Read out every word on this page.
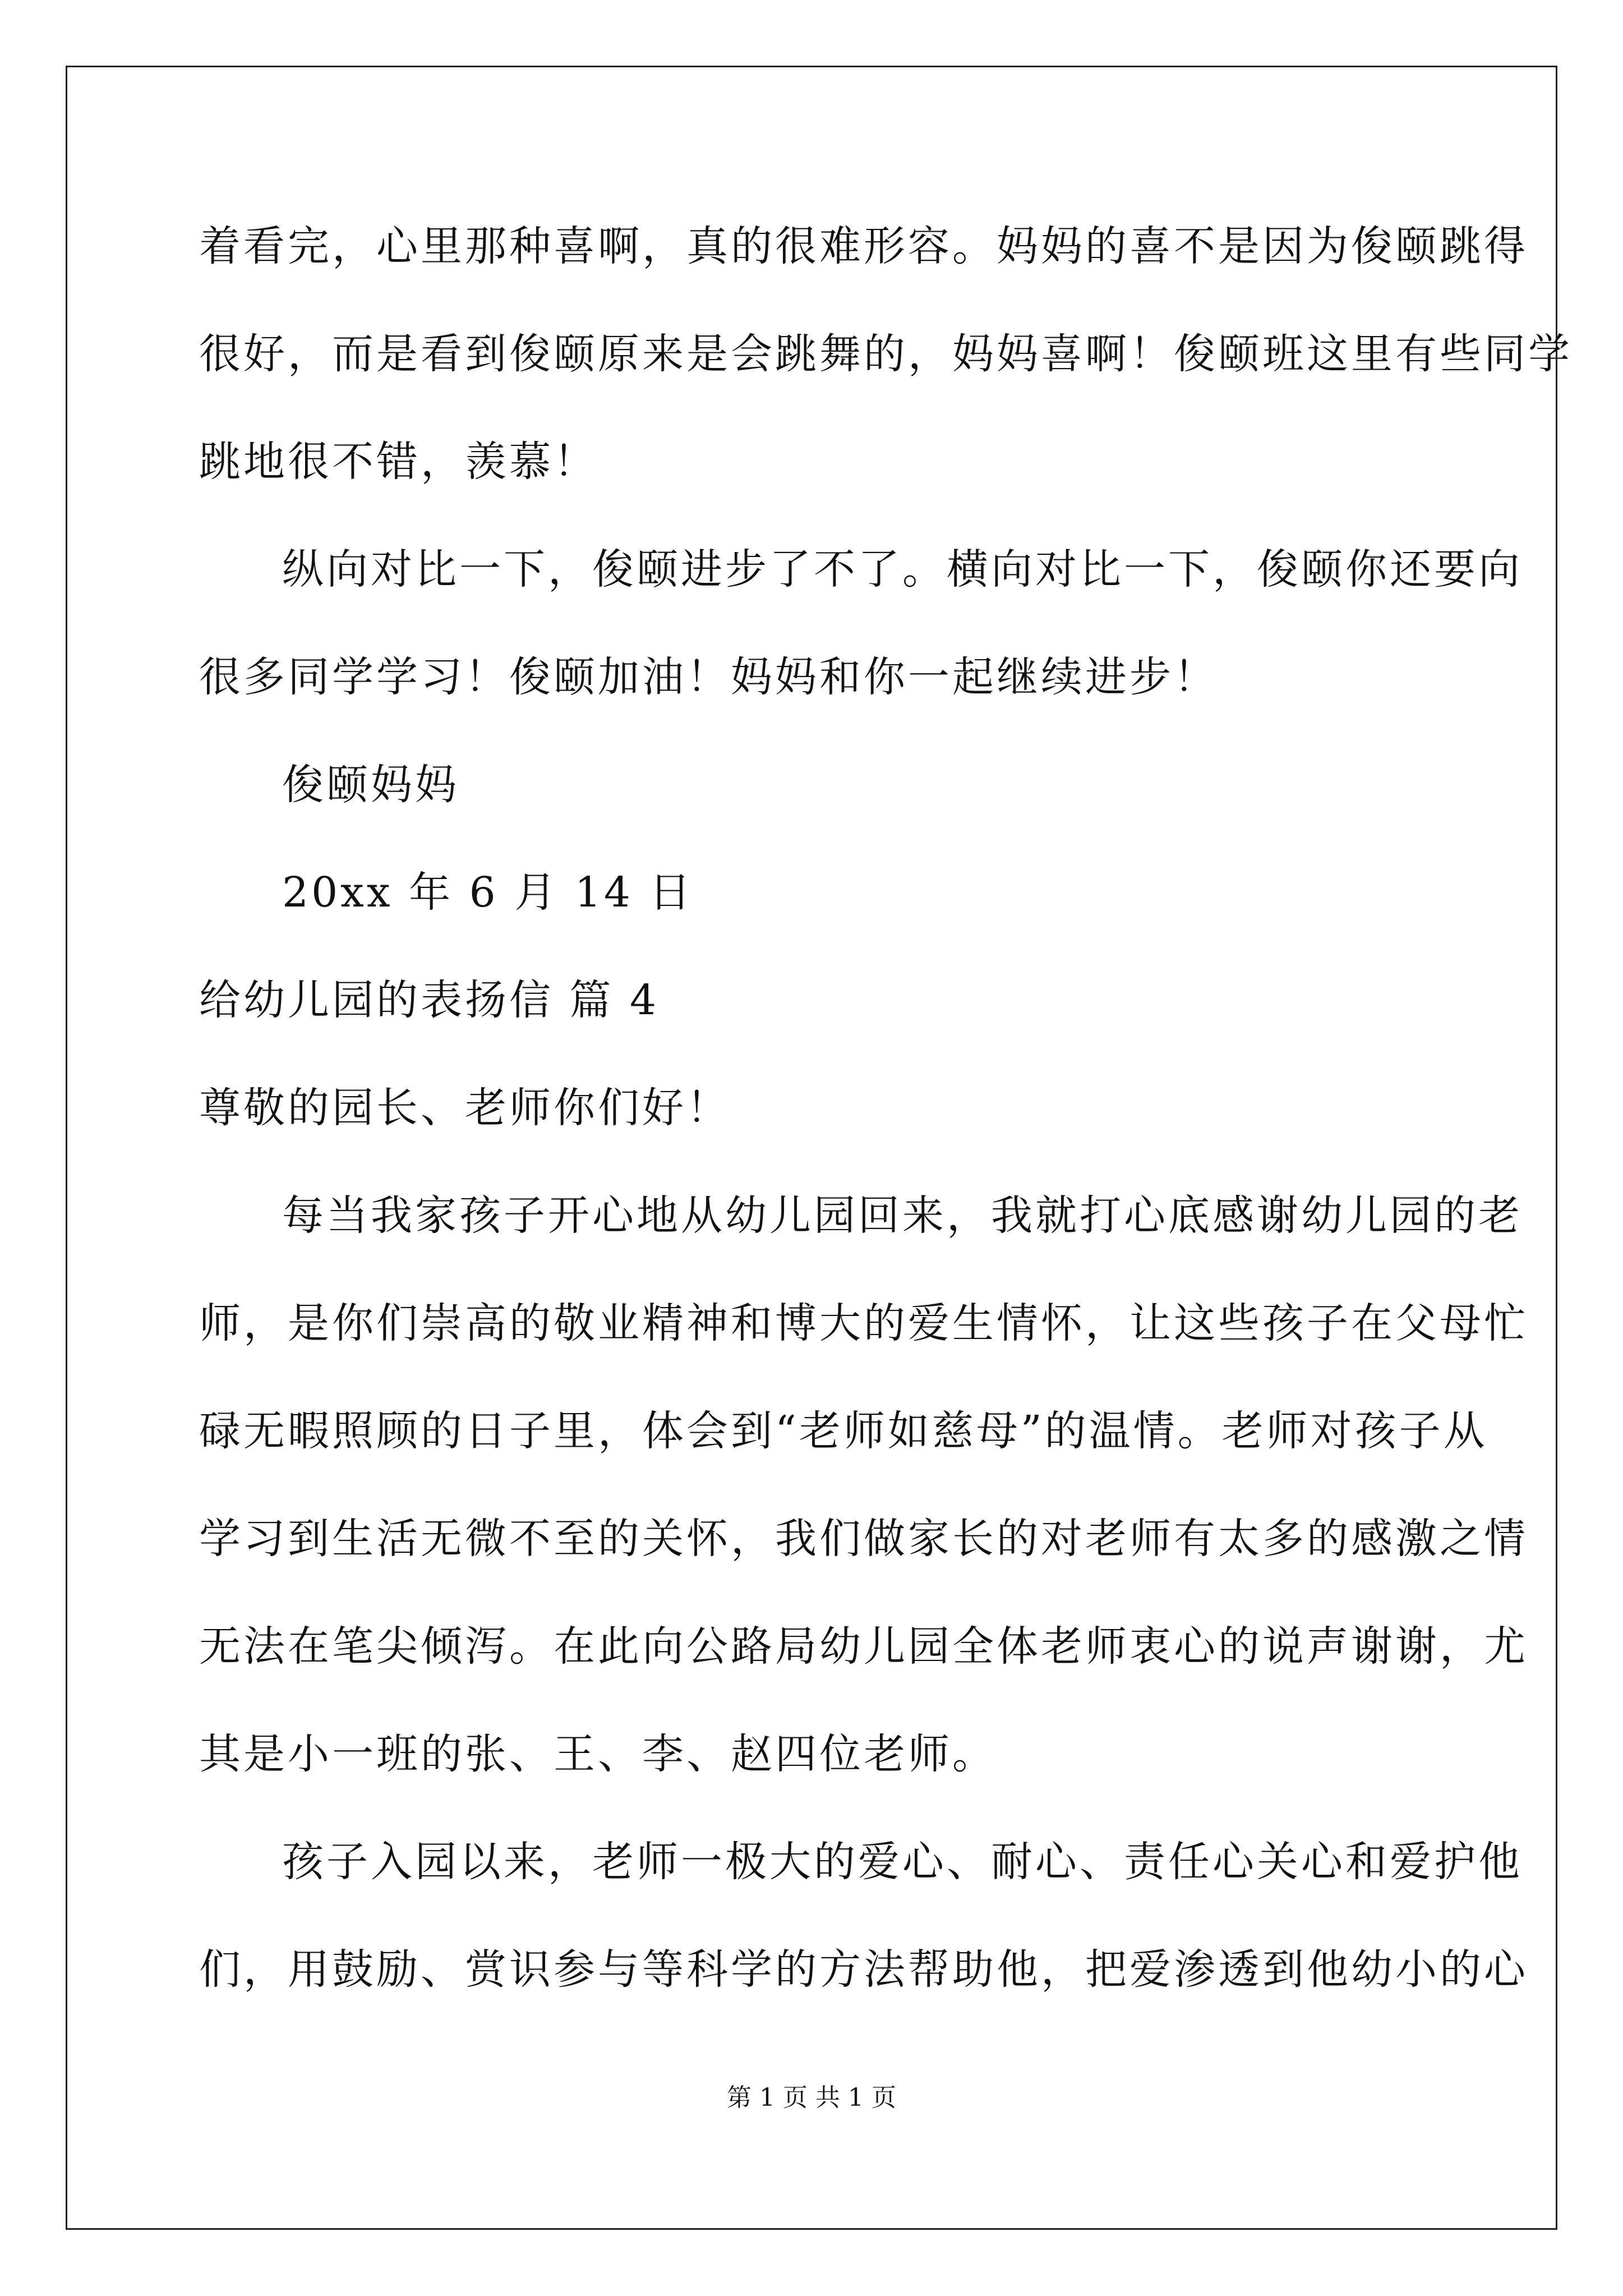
着看完，心里那种喜啊，真的很难形容。妈妈的喜不是因为俊颐跳得
很好，而是看到俊颐原来是会跳舞的，妈妈喜啊！俊颐班这里有些同学
跳地很不错，羡慕！
纵向对比一下，俊颐进步了不了。横向对比一下，俊颐你还要向
很多同学学习！俊颐加油！妈妈和你一起继续进步！
俊颐妈妈
20xx 年 6 月 14 日
给幼儿园的表扬信 篇 4
尊敬的园长、老师你们好！
每当我家孩子开心地从幼儿园回来，我就打心底感谢幼儿园的老
师，是你们崇高的敬业精神和博大的爱生情怀，让这些孩子在父母忙
碌无暇照顾的日子里，体会到“老师如慈母”的温情。老师对孩子从
学习到生活无微不至的关怀，我们做家长的对老师有太多的感激之情
无法在笔尖倾泻。在此向公路局幼儿园全体老师衷心的说声谢谢，尤
其是小一班的张、王、李、赵四位老师。
孩子入园以来，老师一极大的爱心、耐心、责任心关心和爱护他
们，用鼓励、赏识参与等科学的方法帮助他，把爱渗透到他幼小的心
第 1 页 共 1 页
